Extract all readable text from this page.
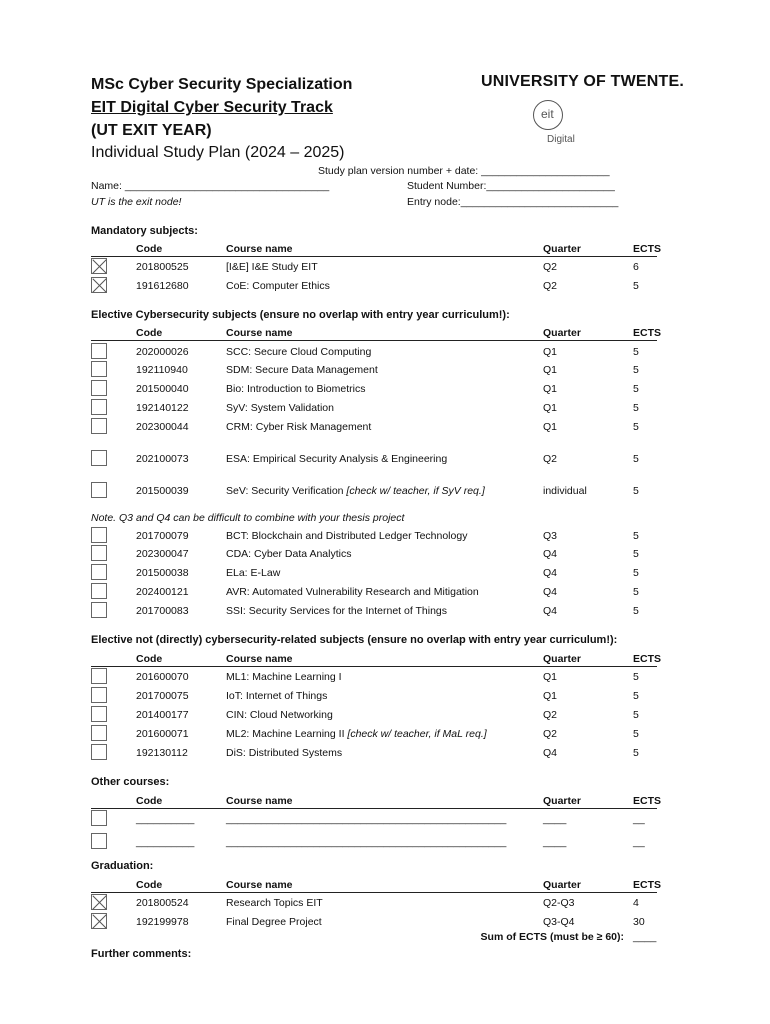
MSc Cyber Security Specialization
EIT Digital Cyber Security Track
(UT EXIT YEAR)
Individual Study Plan (2024 – 2025)
UNIVERSITY OF TWENTE.
eit
Digital
Study plan version number + date: ______________________
Name: ___________________________________	Student Number:______________________
UT is the exit node!	Entry node:___________________________
Mandatory subjects:
Code	Course name	Quarter	ECTS
201800525	[I&E] I&E Study EIT	Q2	6
191612680	CoE: Computer Ethics	Q2	5
Elective Cybersecurity subjects (ensure no overlap with entry year curriculum!):
Code	Course name	Quarter	ECTS
202000026	SCC: Secure Cloud Computing	Q1	5
192110940	SDM: Secure Data Management	Q1	5
201500040	Bio: Introduction to Biometrics	Q1	5
192140122	SyV: System Validation	Q1	5
202300044	CRM: Cyber Risk Management	Q1	5
202100073	ESA: Empirical Security Analysis & Engineering	Q2	5
201500039	SeV: Security Verification [check w/ teacher, if SyV req.]	individual	5
Note. Q3 and Q4 can be difficult to combine with your thesis project
201700079	BCT: Blockchain and Distributed Ledger Technology	Q3	5
202300047	CDA: Cyber Data Analytics	Q4	5
201500038	ELa: E-Law	Q4	5
202400121	AVR: Automated Vulnerability Research and Mitigation	Q4	5
201700083	SSI: Security Services for the Internet of Things	Q4	5
Elective not (directly) cybersecurity-related subjects (ensure no overlap with entry year curriculum!):
Code	Course name	Quarter	ECTS
201600070	ML1: Machine Learning I	Q1	5
201700075	IoT: Internet of Things	Q1	5
201400177	CIN: Cloud Networking	Q2	5
201600071	ML2: Machine Learning II [check w/ teacher, if MaL req.]	Q2	5
192130112	DiS: Distributed Systems	Q4	5
Other courses:
Code	Course name	Quarter	ECTS
__________	________________________________________________	____	__
__________	________________________________________________	____	__
Graduation:
Code	Course name	Quarter	ECTS
201800524	Research Topics EIT	Q2-Q3	4
192199978	Final Degree Project	Q3-Q4	30
Sum of ECTS (must be ≥ 60): ____
Further comments:
